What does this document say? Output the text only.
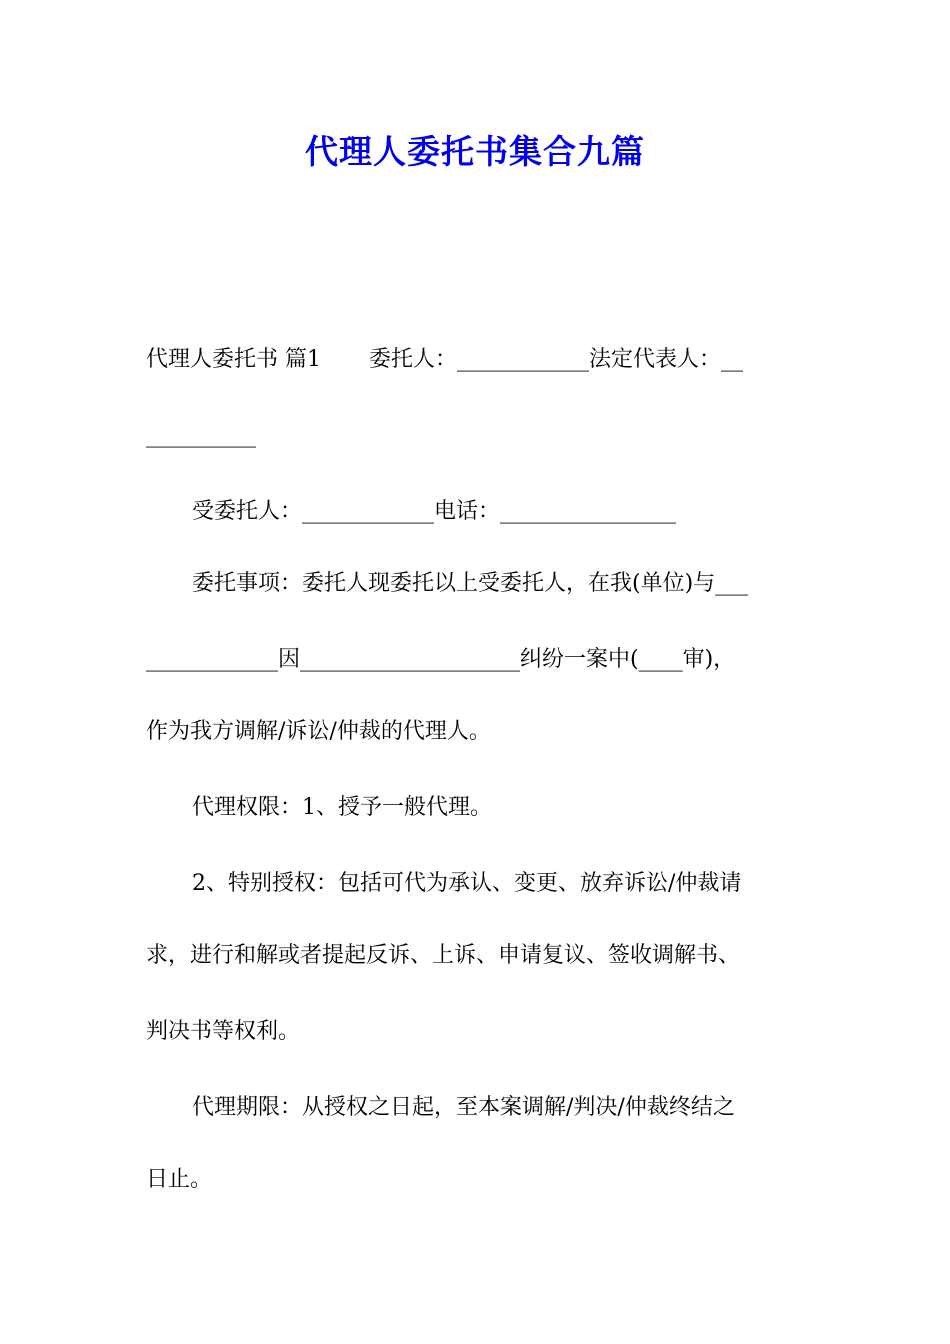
代理人委托书集合九篇
代理人委托书 篇1 委托人：____________法定代表人：__
__________
受委托人：____________电话：________________
委托事项：委托人现委托以上受委托人，在我(单位)与___
____________因____________________纠纷一案中(____审)，
作为我方调解/诉讼/仲裁的代理人。
代理权限：1、授予一般代理。
2、特别授权：包括可代为承认、变更、放弃诉讼/仲裁请
求，进行和解或者提起反诉、上诉、申请复议、签收调解书、
判决书等权利。
代理期限：从授权之日起，至本案调解/判决/仲裁终结之
日止。
